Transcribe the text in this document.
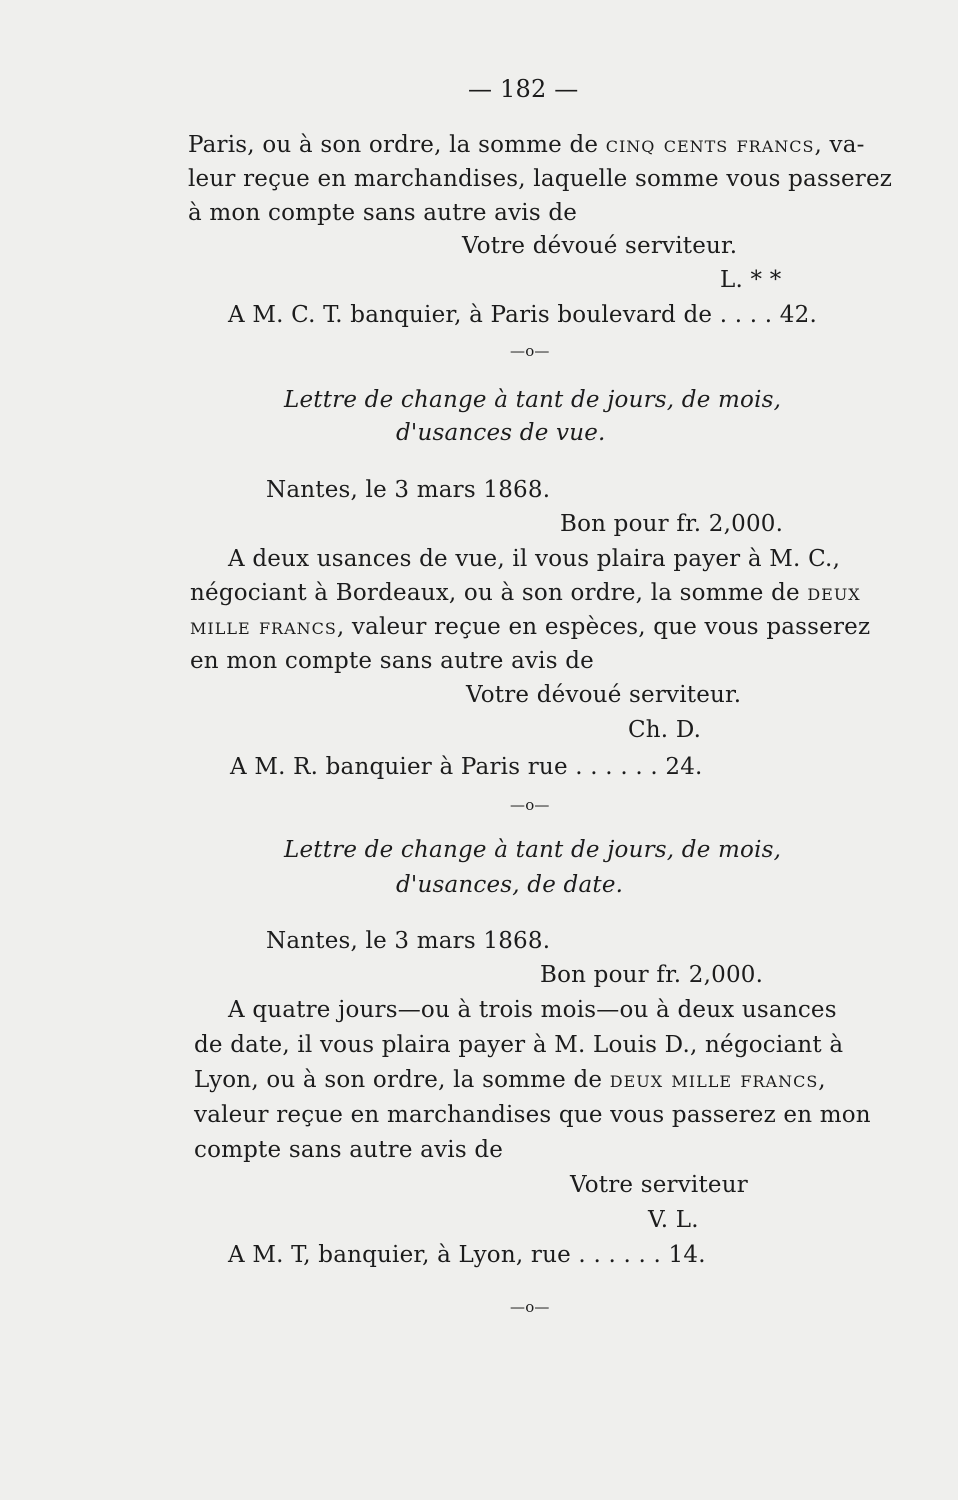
— 182 —
Paris, ou à son ordre, la somme de cinq cents francs, va-
leur reçue en marchandises, laquelle somme vous passerez
à mon compte sans autre avis de
Votre dévoué serviteur.
L. * *
A M. C. T. banquier, à Paris boulevard de . . . . 42.
—o—
Lettre de change à tant de jours, de mois,
d'usances de vue.
Nantes, le 3 mars 1868.
Bon pour fr. 2,000.
A deux usances de vue, il vous plaira payer à M. C.,
négociant à Bordeaux, ou à son ordre, la somme de deux
mille francs, valeur reçue en espèces, que vous passerez
en mon compte sans autre avis de
Votre dévoué serviteur.
Ch. D.
A M. R. banquier à Paris rue . . . . . . 24.
—o—
Lettre de change à tant de jours, de mois,
d'usances, de date.
Nantes, le 3 mars 1868.
Bon pour fr. 2,000.
A quatre jours—ou à trois mois—ou à deux usances
de date, il vous plaira payer à M. Louis D., négociant à
Lyon, ou à son ordre, la somme de deux mille francs,
valeur reçue en marchandises que vous passerez en mon
compte sans autre avis de
Votre serviteur
V. L.
A M. T, banquier, à Lyon, rue . . . . . . 14.
—o—
